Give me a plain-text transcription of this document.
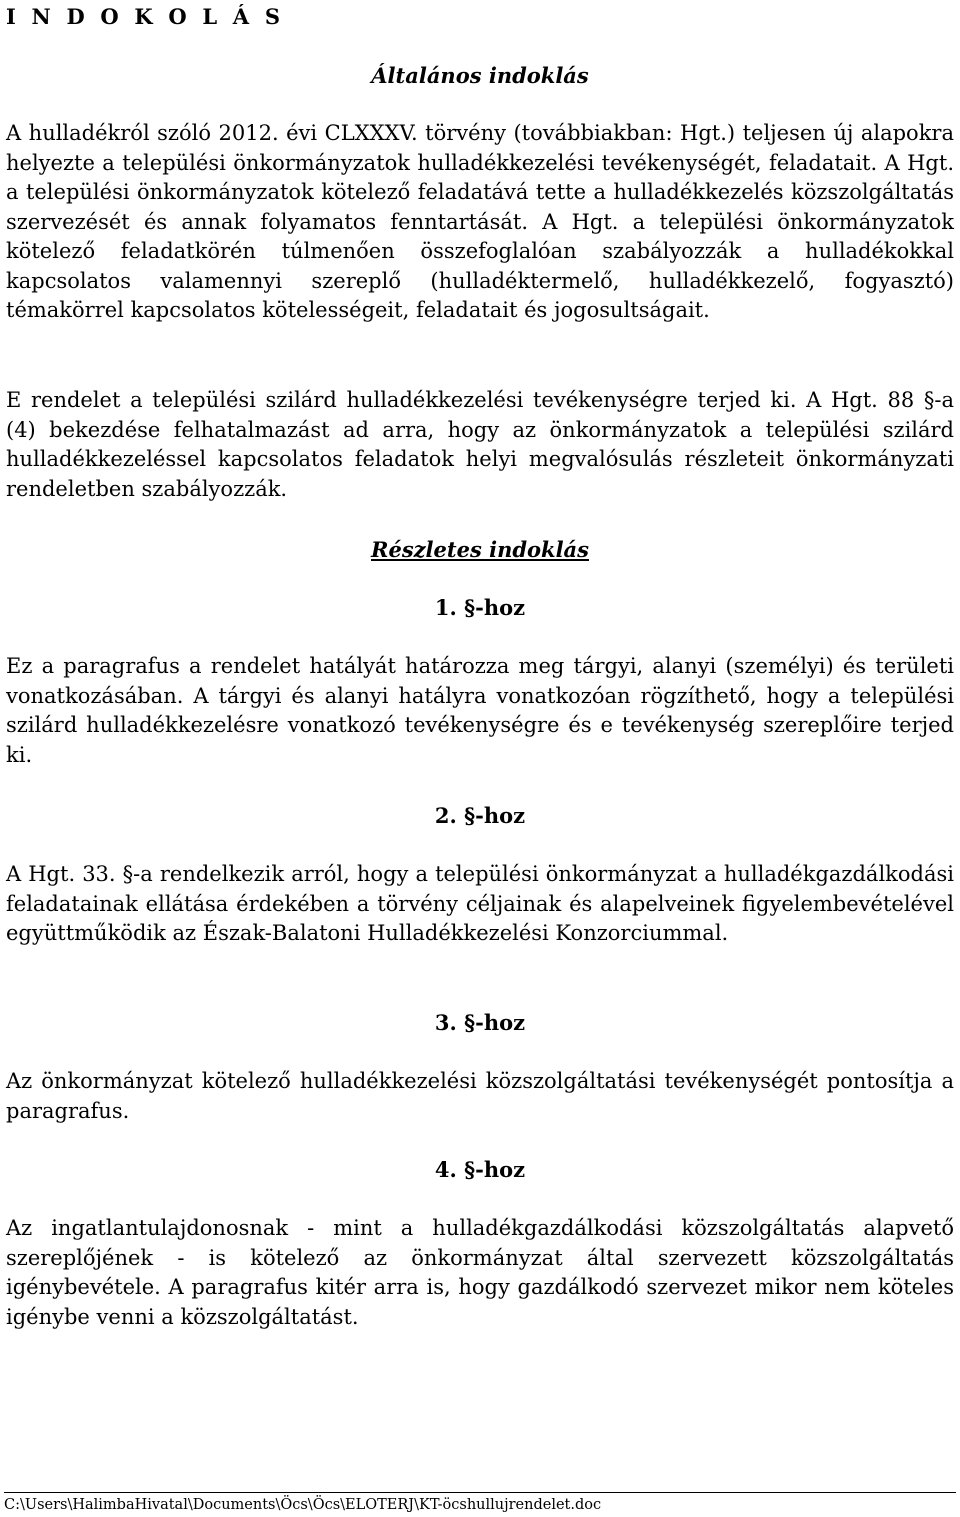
I N D O K O L Á S
Általános indoklás

A hulladékról szóló 2012. évi CLXXXV. törvény (továbbiakban: Hgt.) teljesen új alapokra helyezte a települési önkormányzatok hulladékkezelési tevékenységét, feladatait. A Hgt. a települési önkormányzatok kötelező feladatává tette a hulladékkezelés közszolgáltatás szervezését és annak folyamatos fenntartását. A Hgt. a települési önkormányzatok kötelező feladatkörén túlmenően összefoglalóan szabályozzák a hulladékokkal kapcsolatos valamennyi szereplő (hulladéktermelő, hulladékkezelő, fogyasztó) témakörrel kapcsolatos kötelességeit, feladatait és jogosultságait.

E rendelet a települési szilárd hulladékkezelési tevékenységre terjed ki. A Hgt. 88 §-a (4) bekezdése felhatalmazást ad arra, hogy az önkormányzatok a települési szilárd hulladékkezeléssel kapcsolatos feladatok helyi megvalósulás részleteit önkormányzati rendeletben szabályozzák.

Részletes indoklás
1. §-hoz

Ez a paragrafus a rendelet hatályát határozza meg tárgyi, alanyi (személyi) és területi vonatkozásában. A tárgyi és alanyi hatályra vonatkozóan rögzíthető, hogy a települési szilárd hulladékkezelésre vonatkozó tevékenységre és e tevékenység szereplőire terjed ki.

2. §-hoz

A Hgt. 33. §-a rendelkezik arról, hogy a települési önkormányzat a hulladékgazdálkodási feladatainak ellátása érdekében a törvény céljainak és alapelveinek figyelembevételével együttműködik az Észak-Balatoni Hulladékkezelési Konzorciummal.

3. §-hoz

Az önkormányzat kötelező hulladékkezelési közszolgáltatási tevékenységét pontosítja a paragrafus.

4. §-hoz

Az ingatlantulajdonosnak - mint a hulladékgazdálkodási közszolgáltatás alapvető szereplőjének - is kötelező az önkormányzat által szervezett közszolgáltatás igénybevétele. A paragrafus kitér arra is, hogy gazdálkodó szervezet mikor nem köteles igénybe venni a közszolgáltatást.

C:\Users\HalimbaHivatal\Documents\Öcs\Öcs\ELOTERJ\KT-öcshullujrendelet.doc
